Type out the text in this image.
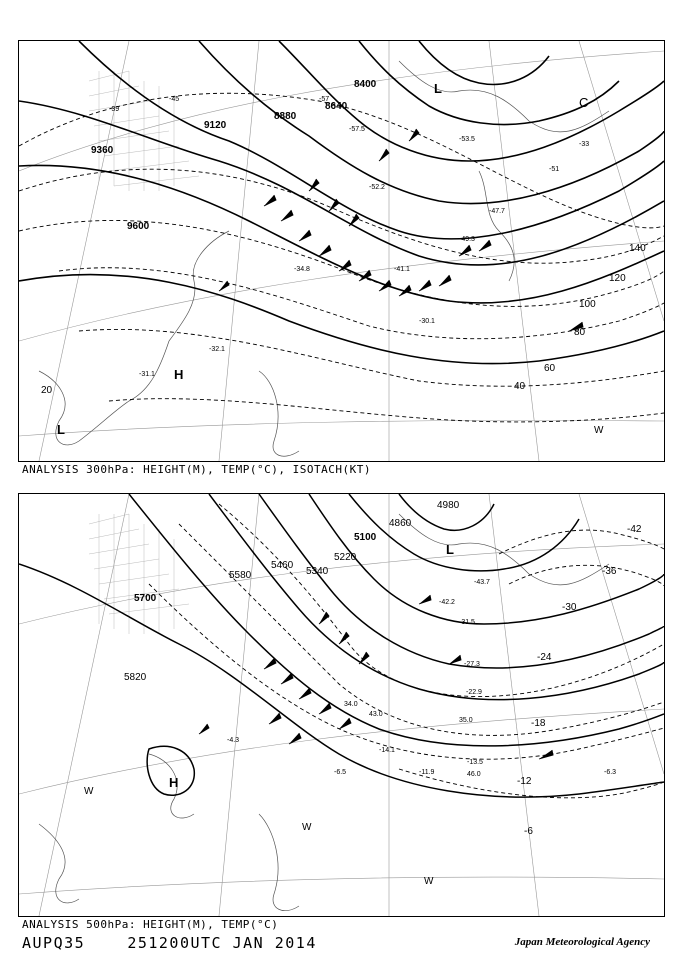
9600
9360
9120
8880
8640
8400
140
120
100
80
60
40
20
-33
-39
-45
-51
-57
-57.5
-53.5
-47.7
-31.1
-30.1
-32.1
-34.8	-41.1
-49.3
-52.2
L
L
H
C
W
ANALYSIS 300hPa: HEIGHT(M), TEMP(°C), ISOTACH(KT)
5700
5820
5580
5460
5340
5220
5100
4980
4860
-42
-36
-30
-24
-18
-12
-6
-43.7
-42.2
-31.5
-27.3
-22.9
-14.1
-11.9
-6.5
-4.3
-6.3
-13.5
46.0
35.0
34.0
43.0
L
H
W
W
W
ANALYSIS 500hPa: HEIGHT(M), TEMP(°C)
AUPQ35	251200UTC JAN 2014	Japan Meteorological Agency
